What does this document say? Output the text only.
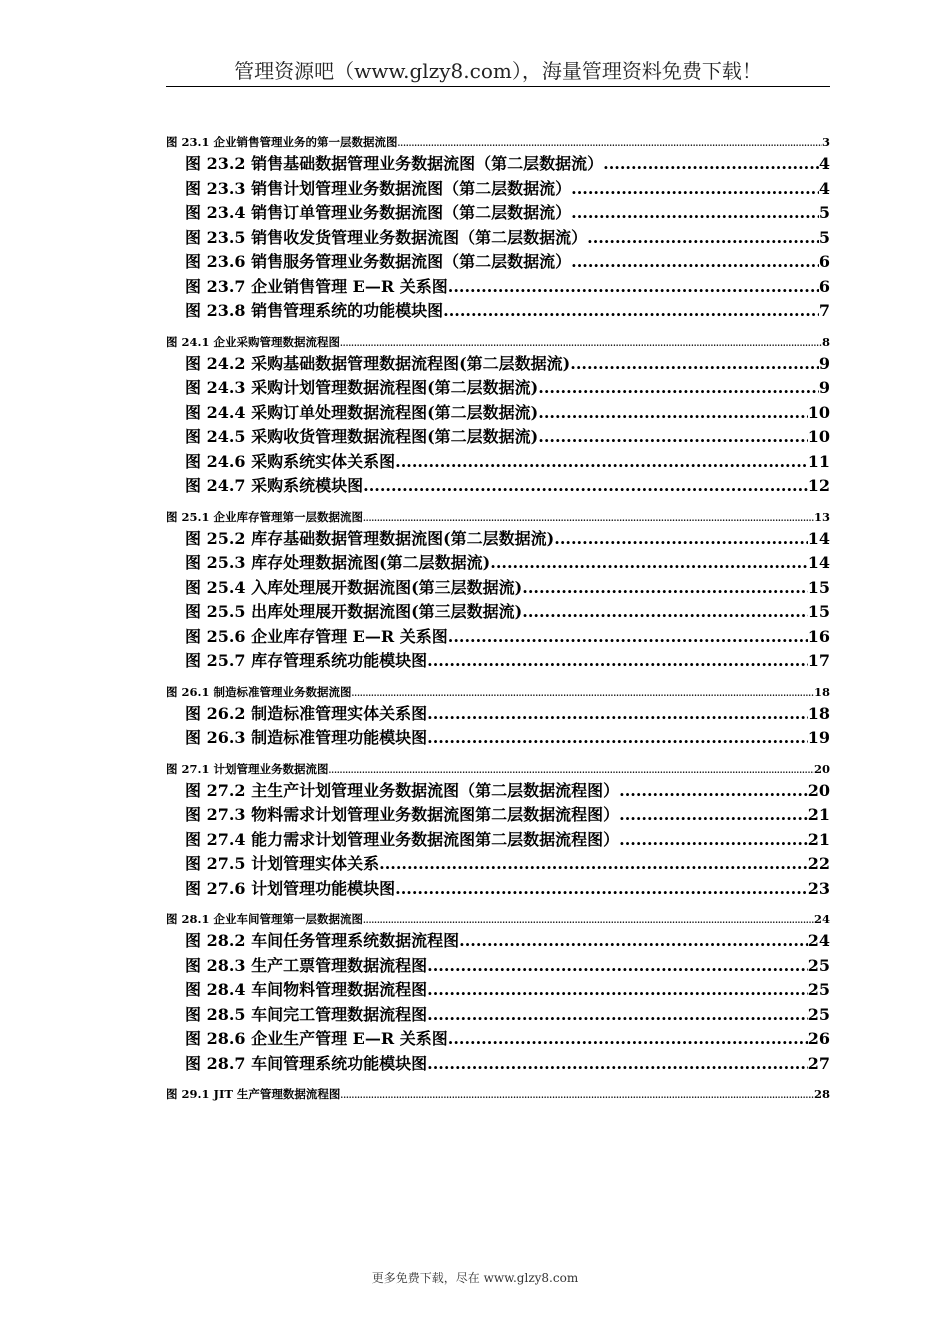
管理资源吧（www.glzy8.com），海量管理资料免费下载！
图 23.1 企业销售管理业务的第一层数据流图 .....	3
图 23.2 销售基础数据管理业务数据流图（第二层数据流） .....	4
图 23.3 销售计划管理业务数据流图（第二层数据流） .....	4
图 23.4 销售订单管理业务数据流图（第二层数据流） .....	5
图 23.5 销售收发货管理业务数据流图（第二层数据流） .....	5
图 23.6 销售服务管理业务数据流图（第二层数据流） .....	6
图 23.7 企业销售管理 E—R 关系图 .....	6
图 23.8 销售管理系统的功能模块图 .....	7
图 24.1 企业采购管理数据流程图 .....	8
图 24.2 采购基础数据管理数据流程图(第二层数据流) .....	9
图 24.3 采购计划管理数据流程图(第二层数据流) .....	9
图 24.4 采购订单处理数据流程图(第二层数据流) .....	10
图 24.5 采购收货管理数据流程图(第二层数据流) .....	10
图 24.6 采购系统实体关系图 .....	11
图 24.7 采购系统模块图 .....	12
图 25.1 企业库存管理第一层数据流图 .....	13
图 25.2 库存基础数据管理数据流图(第二层数据流) .....	14
图 25.3 库存处理数据流图(第二层数据流) .....	14
图 25.4 入库处理展开数据流图(第三层数据流) .....	15
图 25.5 出库处理展开数据流图(第三层数据流) .....	15
图 25.6 企业库存管理 E—R 关系图 .....	16
图 25.7 库存管理系统功能模块图 .....	17
图 26.1 制造标准管理业务数据流图 .....	18
图 26.2 制造标准管理实体关系图 .....	18
图 26.3 制造标准管理功能模块图 .....	19
图 27.1 计划管理业务数据流图 .....	20
图 27.2 主生产计划管理业务数据流图（第二层数据流程图） .....	20
图 27.3 物料需求计划管理业务数据流图第二层数据流程图） .....	21
图 27.4 能力需求计划管理业务数据流图第二层数据流程图） .....	21
图 27.5 计划管理实体关系 .....	22
图 27.6 计划管理功能模块图 .....	23
图 28.1 企业车间管理第一层数据流图 .....	24
图 28.2 车间任务管理系统数据流程图 .....	24
图 28.3 生产工票管理数据流程图 .....	25
图 28.4 车间物料管理数据流程图 .....	25
图 28.5 车间完工管理数据流程图 .....	25
图 28.6 企业生产管理 E—R 关系图 .....	26
图 28.7 车间管理系统功能模块图 .....	27
图 29.1 JIT 生产管理数据流程图 .....	28
更多免费下载，尽在 www.glzy8.com
